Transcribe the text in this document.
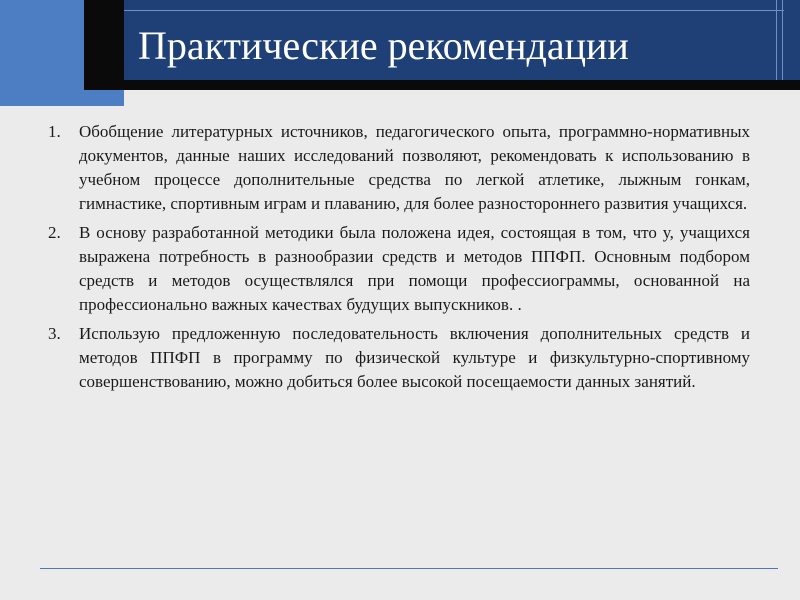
Практические рекомендации
1. Обобщение литературных источников, педагогического опыта, программно-нормативных документов, данные наших исследований позволяют, рекомендовать к использованию в учебном процессе дополнительные средства по легкой атлетике, лыжным гонкам, гимнастике, спортивным играм и плаванию, для более разностороннего развития учащихся.
2. В основу разработанной методики была положена идея, состоящая в том, что у, учащихся выражена потребность в разнообразии средств и методов ППФП. Основным подбором средств и методов осуществлялся при помощи профессиограммы, основанной на профессионально важных качествах будущих выпускников. .
3. Использую предложенную последовательность включения дополнительных средств и методов ППФП в программу по физической культуре и физкультурно-спортивному совершенствованию, можно добиться более высокой посещаемости данных занятий.
